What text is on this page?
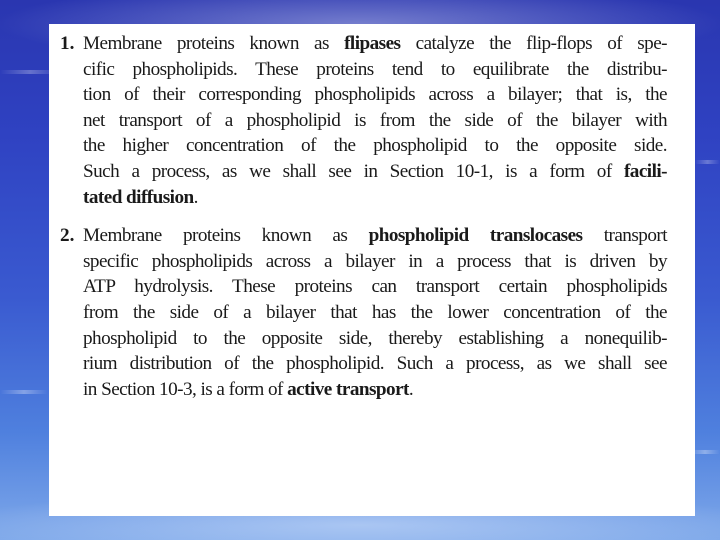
1. Membrane proteins known as flipases catalyze the flip-flops of spe-
cific phospholipids. These proteins tend to equilibrate the distribu-
tion of their corresponding phospholipids across a bilayer; that is, the
net transport of a phospholipid is from the side of the bilayer with
the higher concentration of the phospholipid to the opposite side.
Such a process, as we shall see in Section 10-1, is a form of facili-
tated diffusion.
2. Membrane proteins known as phospholipid translocases transport
specific phospholipids across a bilayer in a process that is driven by
ATP hydrolysis. These proteins can transport certain phospholipids
from the side of a bilayer that has the lower concentration of the
phospholipid to the opposite side, thereby establishing a nonequilib-
rium distribution of the phospholipid. Such a process, as we shall see
in Section 10-3, is a form of active transport.
